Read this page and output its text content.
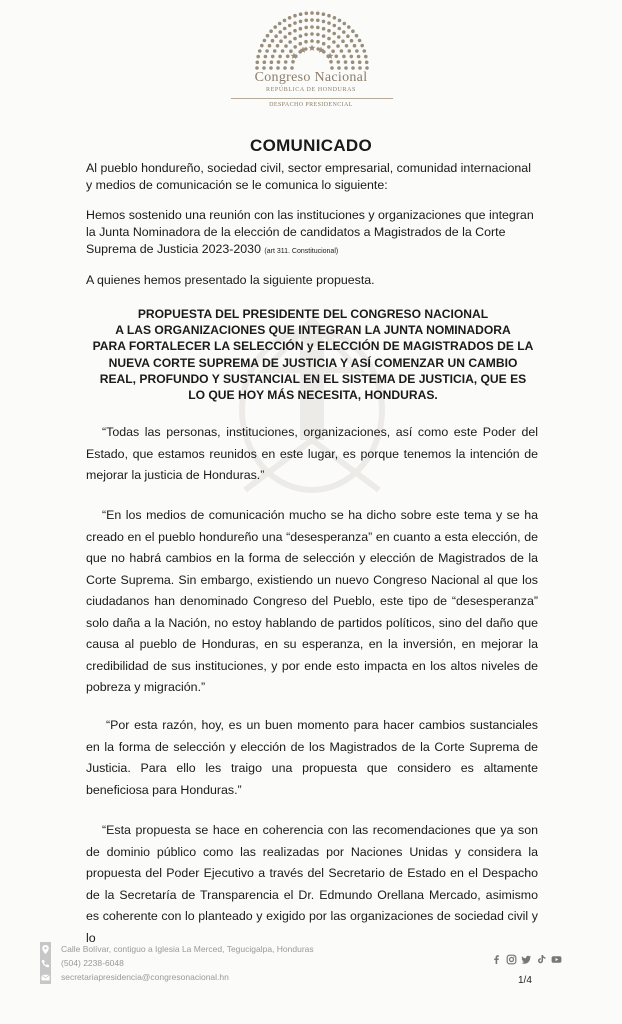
Congreso Nacional
REPÚBLICA DE HONDURAS
DESPACHO PRESIDENCIAL
COMUNICADO

Al pueblo hondureño, sociedad civil, sector empresarial, comunidad internacional y medios de comunicación se le comunica lo siguiente:

Hemos sostenido una reunión con las instituciones y organizaciones que integran la Junta Nominadora de la elección de candidatos a Magistrados de la Corte Suprema de Justicia 2023-2030 (art 311. Constitucional)

A quienes hemos presentado la siguiente propuesta.

PROPUESTA DEL PRESIDENTE DEL CONGRESO NACIONAL
A LAS ORGANIZACIONES QUE INTEGRAN LA JUNTA NOMINADORA
PARA FORTALECER LA SELECCIÓN y ELECCIÓN DE MAGISTRADOS DE LA
NUEVA CORTE SUPREMA DE JUSTICIA Y ASÍ COMENZAR UN CAMBIO
REAL, PROFUNDO Y SUSTANCIAL EN EL SISTEMA DE JUSTICIA, QUE ES
LO QUE HOY MÁS NECESITA, HONDURAS.

“Todas las personas, instituciones, organizaciones, así como este Poder del Estado, que estamos reunidos en este lugar, es porque tenemos la intención de mejorar la justicia de Honduras.”

“En los medios de comunicación mucho se ha dicho sobre este tema y se ha creado en el pueblo hondureño una “desesperanza” en cuanto a esta elección, de que no habrá cambios en la forma de selección y elección de Magistrados de la Corte Suprema. Sin embargo, existiendo un nuevo Congreso Nacional al que los ciudadanos han denominado Congreso del Pueblo, este tipo de “desesperanza” solo daña a la Nación, no estoy hablando de partidos políticos, sino del daño que causa al pueblo de Honduras, en su esperanza, en la inversión, en mejorar la credibilidad de sus instituciones, y por ende esto impacta en los altos niveles de pobreza y migración.”

“Por esta razón, hoy, es un buen momento para hacer cambios sustanciales en la forma de selección y elección de los Magistrados de la Corte Suprema de Justicia. Para ello les traigo una propuesta que considero es altamente beneficiosa para Honduras.”

“Esta propuesta se hace en coherencia con las recomendaciones que ya son de dominio público como las realizadas por Naciones Unidas y considera la propuesta del Poder Ejecutivo a través del Secretario de Estado en el Despacho de la Secretaría de Transparencia el Dr. Edmundo Orellana Mercado, asimismo es coherente con lo planteado y exigido por las organizaciones de sociedad civil y lo

Calle Bolívar, contiguo a Iglesia La Merced, Tegucigalpa, Honduras
(504) 2238-6048
secretariapresidencia@congresonacional.hn	1/4
